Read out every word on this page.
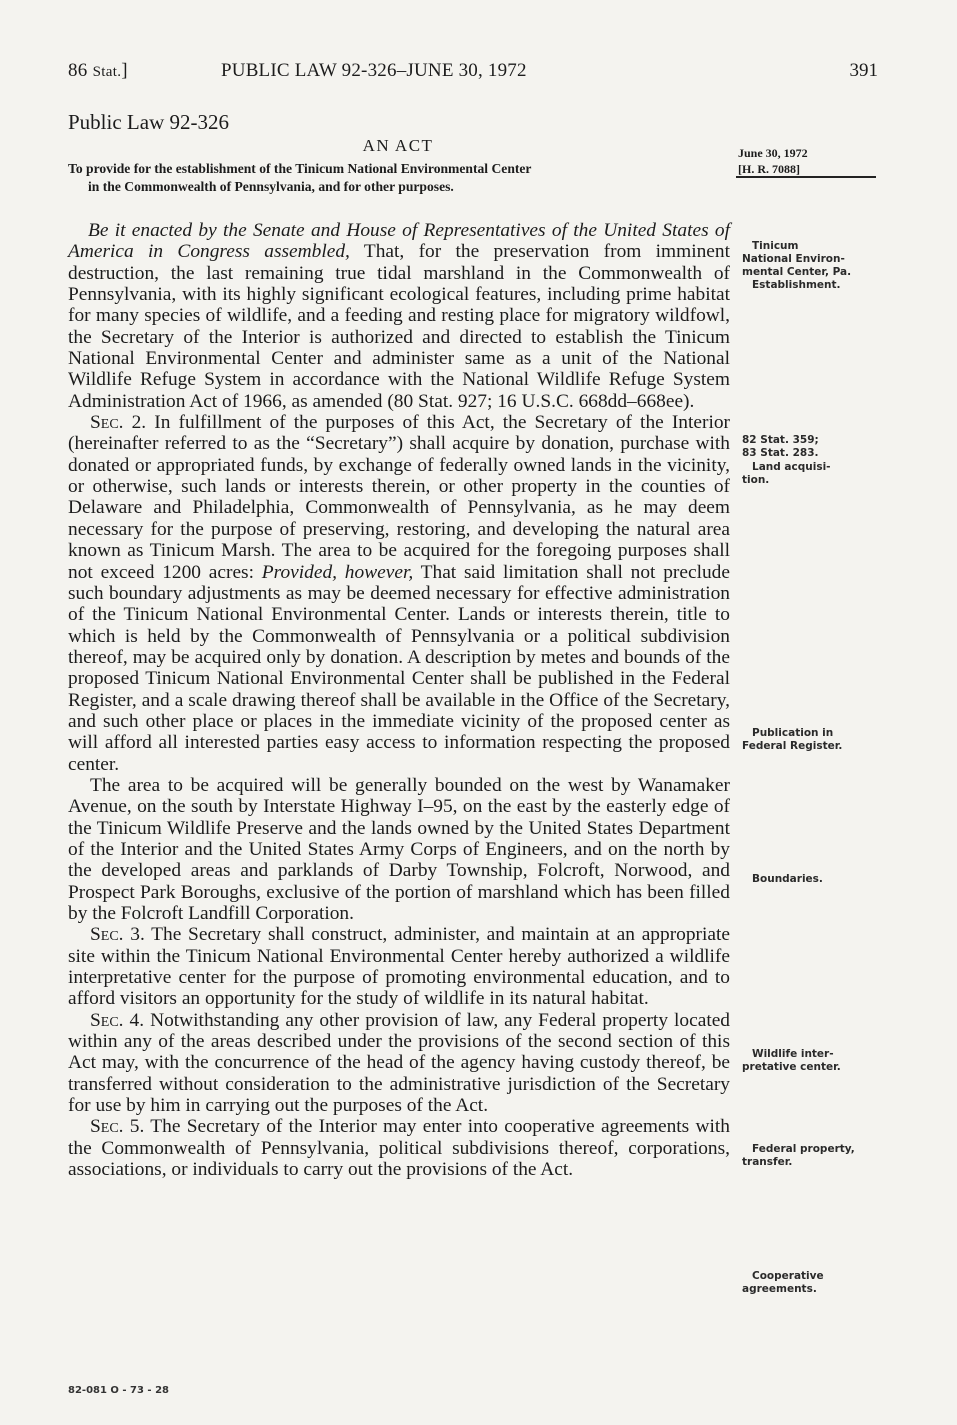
86 Stat.]	PUBLIC LAW 92-326–JUNE 30, 1972	391
Public Law 92-326
AN ACT
To provide for the establishment of the Tinicum National Environmental Center
in the Commonwealth of Pennsylvania, and for other purposes.
June 30, 1972
[H. R. 7088]

Be it enacted by the Senate and House of Representatives of the United States of America in Congress assembled, That, for the preservation from imminent destruction, the last remaining true tidal marshland in the Commonwealth of Pennsylvania, with its highly significant ecological features, including prime habitat for many species of wildlife, and a feeding and resting place for migratory wildfowl, the Secretary of the Interior is authorized and directed to establish the Tinicum National Environmental Center and administer same as a unit of the National Wildlife Refuge System in accordance with the National Wildlife Refuge System Administration Act of 1966, as amended (80 Stat. 927; 16 U.S.C. 668dd–668ee).

Sec. 2. In fulfillment of the purposes of this Act, the Secretary of the Interior (hereinafter referred to as the “Secretary”) shall acquire by donation, purchase with donated or appropriated funds, by exchange of federally owned lands in the vicinity, or otherwise, such lands or interests therein, or other property in the counties of Delaware and Philadelphia, Commonwealth of Pennsylvania, as he may deem necessary for the purpose of preserving, restoring, and developing the natural area known as Tinicum Marsh. The area to be acquired for the foregoing purposes shall not exceed 1200 acres: Provided, however, That said limitation shall not preclude such boundary adjustments as may be deemed necessary for effective administration of the Tinicum National Environmental Center. Lands or interests therein, title to which is held by the Commonwealth of Pennsylvania or a political subdivision thereof, may be acquired only by donation. A description by metes and bounds of the proposed Tinicum National Environmental Center shall be published in the Federal Register, and a scale drawing thereof shall be available in the Office of the Secretary, and such other place or places in the immediate vicinity of the proposed center as will afford all interested parties easy access to information respecting the proposed center.

The area to be acquired will be generally bounded on the west by Wanamaker Avenue, on the south by Interstate Highway I–95, on the east by the easterly edge of the Tinicum Wildlife Preserve and the lands owned by the United States Department of the Interior and the United States Army Corps of Engineers, and on the north by the developed areas and parklands of Darby Township, Folcroft, Norwood, and Prospect Park Boroughs, exclusive of the portion of marshland which has been filled by the Folcroft Landfill Corporation.

Sec. 3. The Secretary shall construct, administer, and maintain at an appropriate site within the Tinicum National Environmental Center hereby authorized a wildlife interpretative center for the purpose of promoting environmental education, and to afford visitors an opportunity for the study of wildlife in its natural habitat.

Sec. 4. Notwithstanding any other provision of law, any Federal property located within any of the areas described under the provisions of the second section of this Act may, with the concurrence of the head of the agency having custody thereof, be transferred without consideration to the administrative jurisdiction of the Secretary for use by him in carrying out the purposes of the Act.

Sec. 5. The Secretary of the Interior may enter into cooperative agreements with the Commonwealth of Pennsylvania, political subdivisions thereof, corporations, associations, or individuals to carry out the provisions of the Act.

Tinicum
National Environ-
mental Center, Pa.
Establishment.
82 Stat. 359;
83 Stat. 283.
Land acquisi-
tion.
Publication in
Federal Register.
Boundaries.
Wildlife inter-
pretative center.
Federal property,
transfer.
Cooperative
agreements.
82-081 O - 73 - 28
